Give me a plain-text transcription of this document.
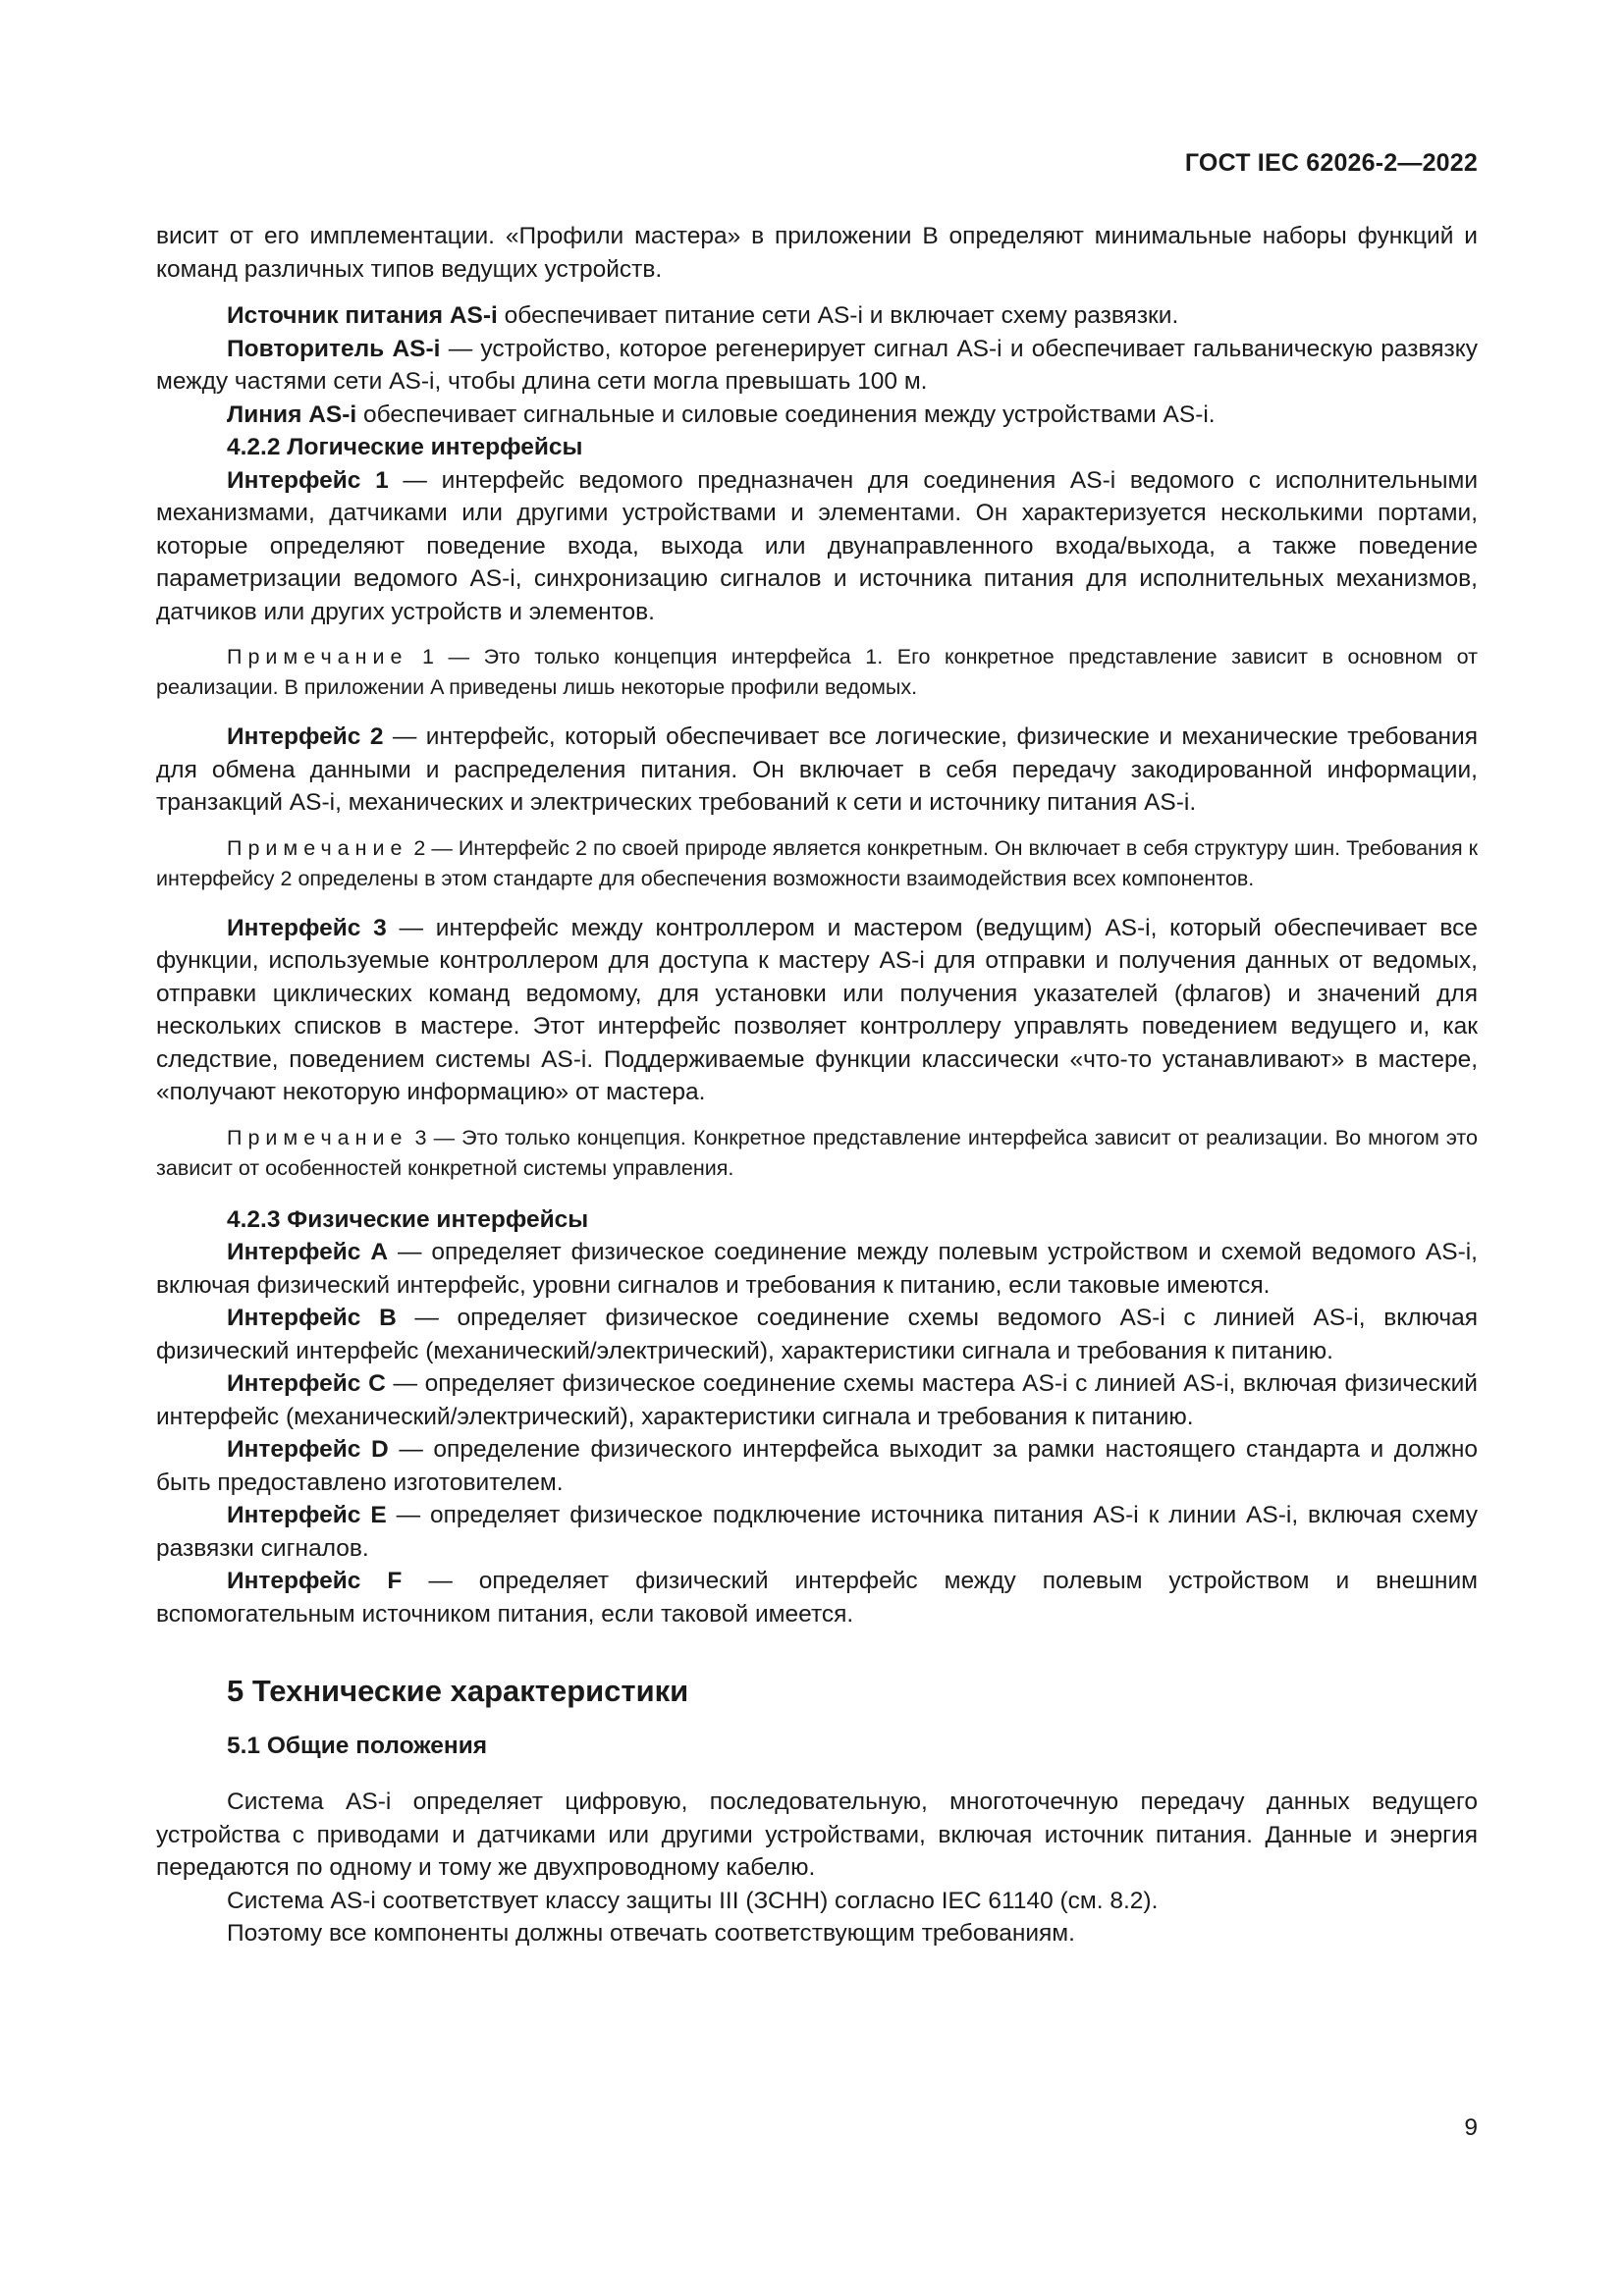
ГОСТ IEC 62026-2—2022

висит от его имплементации. «Профили мастера» в приложении B определяют минимальные наборы функций и команд различных типов ведущих устройств.

Источник питания AS-i обеспечивает питание сети AS-i и включает схему развязки.

Повторитель AS-i — устройство, которое регенерирует сигнал AS-i и обеспечивает гальваническую развязку между частями сети AS-i, чтобы длина сети могла превышать 100 м.

Линия AS-i обеспечивает сигнальные и силовые соединения между устройствами AS-i.

4.2.2 Логические интерфейсы

Интерфейс 1 — интерфейс ведомого предназначен для соединения AS-i ведомого с исполнительными механизмами, датчиками или другими устройствами и элементами. Он характеризуется несколькими портами, которые определяют поведение входа, выхода или двунаправленного входа/выхода, а также поведение параметризации ведомого AS-i, синхронизацию сигналов и источника питания для исполнительных механизмов, датчиков или других устройств и элементов.

Примечание 1 — Это только концепция интерфейса 1. Его конкретное представление зависит в основном от реализации. В приложении A приведены лишь некоторые профили ведомых.

Интерфейс 2 — интерфейс, который обеспечивает все логические, физические и механические требования для обмена данными и распределения питания. Он включает в себя передачу закодированной информации, транзакций AS-i, механических и электрических требований к сети и источнику питания AS-i.

Примечание 2 — Интерфейс 2 по своей природе является конкретным. Он включает в себя структуру шин. Требования к интерфейсу 2 определены в этом стандарте для обеспечения возможности взаимодействия всех компонентов.

Интерфейс 3 — интерфейс между контроллером и мастером (ведущим) AS-i, который обеспечивает все функции, используемые контроллером для доступа к мастеру AS-i для отправки и получения данных от ведомых, отправки циклических команд ведомому, для установки или получения указателей (флагов) и значений для нескольких списков в мастере. Этот интерфейс позволяет контроллеру управлять поведением ведущего и, как следствие, поведением системы AS-i. Поддерживаемые функции классически «что-то устанавливают» в мастере, «получают некоторую информацию» от мастера.

Примечание 3 — Это только концепция. Конкретное представление интерфейса зависит от реализации. Во многом это зависит от особенностей конкретной системы управления.

4.2.3 Физические интерфейсы

Интерфейс A — определяет физическое соединение между полевым устройством и схемой ведомого AS-i, включая физический интерфейс, уровни сигналов и требования к питанию, если таковые имеются.

Интерфейс B — определяет физическое соединение схемы ведомого AS-i с линией AS-i, включая физический интерфейс (механический/электрический), характеристики сигнала и требования к питанию.

Интерфейс C — определяет физическое соединение схемы мастера AS-i с линией AS-i, включая физический интерфейс (механический/электрический), характеристики сигнала и требования к питанию.

Интерфейс D — определение физического интерфейса выходит за рамки настоящего стандарта и должно быть предоставлено изготовителем.

Интерфейс E — определяет физическое подключение источника питания AS-i к линии AS-i, включая схему развязки сигналов.

Интерфейс F — определяет физический интерфейс между полевым устройством и внешним вспомогательным источником питания, если таковой имеется.

5 Технические характеристики

5.1 Общие положения

Система AS-i определяет цифровую, последовательную, многоточечную передачу данных ведущего устройства с приводами и датчиками или другими устройствами, включая источник питания. Данные и энергия передаются по одному и тому же двухпроводному кабелю.

Система AS-i соответствует классу защиты III (ЗСНН) согласно IEC 61140 (см. 8.2).

Поэтому все компоненты должны отвечать соответствующим требованиям.

9
